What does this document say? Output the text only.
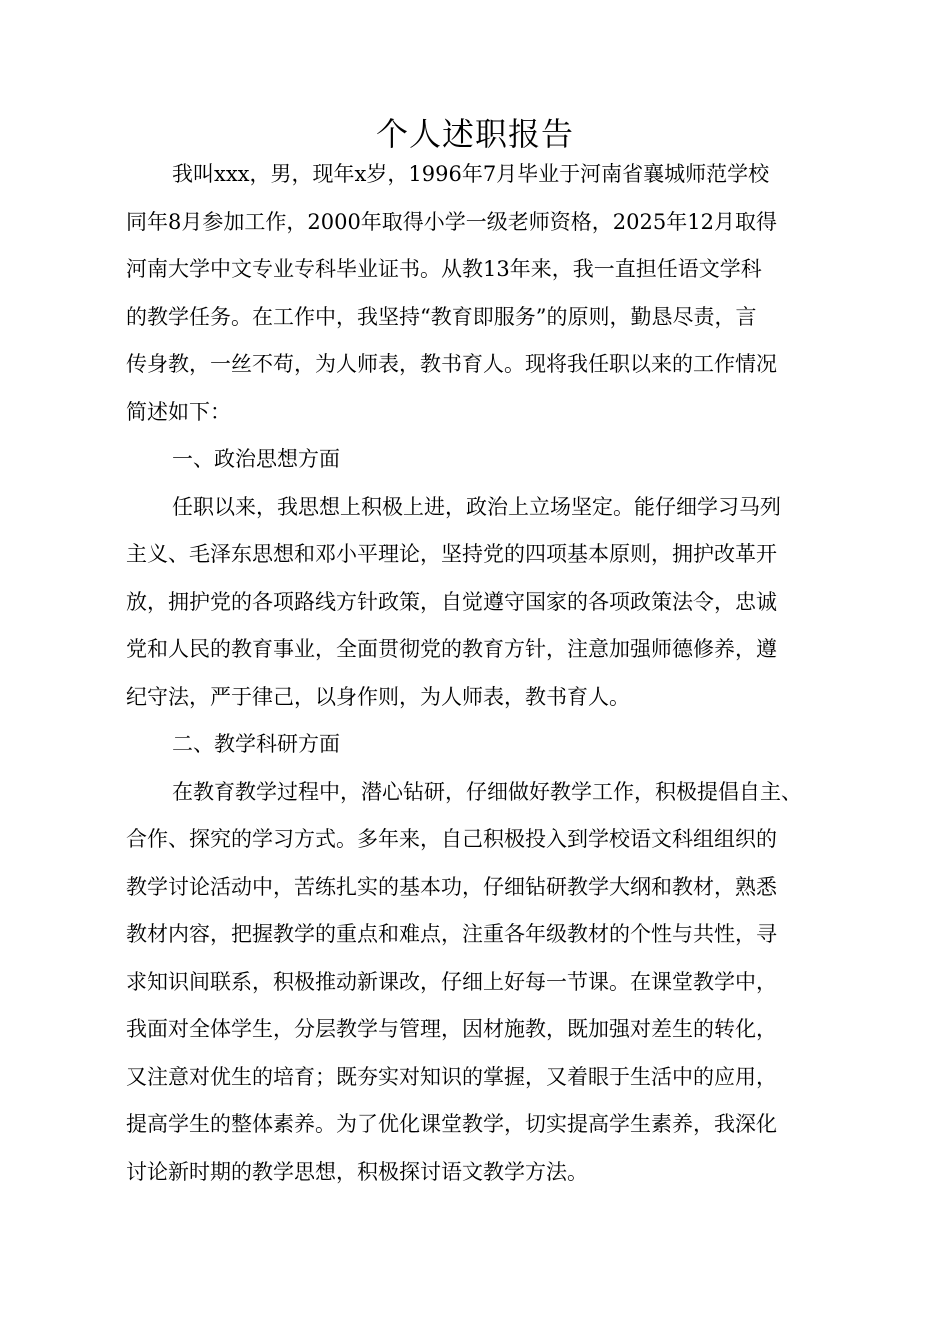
个人述职报告
我叫xxx，男，现年x岁，1996年7月毕业于河南省襄城师范学校
同年8月参加工作，2000年取得小学一级老师资格，2025年12月取得
河南大学中文专业专科毕业证书。从教13年来，我一直担任语文学科
的教学任务。在工作中，我坚持“教育即服务”的原则，勤恳尽责，言
传身教，一丝不苟，为人师表，教书育人。现将我任职以来的工作情况
简述如下：
一、政治思想方面
任职以来，我思想上积极上进，政治上立场坚定。能仔细学习马列
主义、毛泽东思想和邓小平理论，坚持党的四项基本原则，拥护改革开
放，拥护党的各项路线方针政策，自觉遵守国家的各项政策法令，忠诚
党和人民的教育事业，全面贯彻党的教育方针，注意加强师德修养，遵
纪守法，严于律己，以身作则，为人师表，教书育人。
二、教学科研方面
在教育教学过程中，潜心钻研，仔细做好教学工作，积极提倡自主、
合作、探究的学习方式。多年来，自己积极投入到学校语文科组组织的
教学讨论活动中，苦练扎实的基本功，仔细钻研教学大纲和教材，熟悉
教材内容，把握教学的重点和难点，注重各年级教材的个性与共性，寻
求知识间联系，积极推动新课改，仔细上好每一节课。在课堂教学中，
我面对全体学生，分层教学与管理，因材施教，既加强对差生的转化，
又注意对优生的培育；既夯实对知识的掌握，又着眼于生活中的应用，
提高学生的整体素养。为了优化课堂教学，切实提高学生素养，我深化
讨论新时期的教学思想，积极探讨语文教学方法。
